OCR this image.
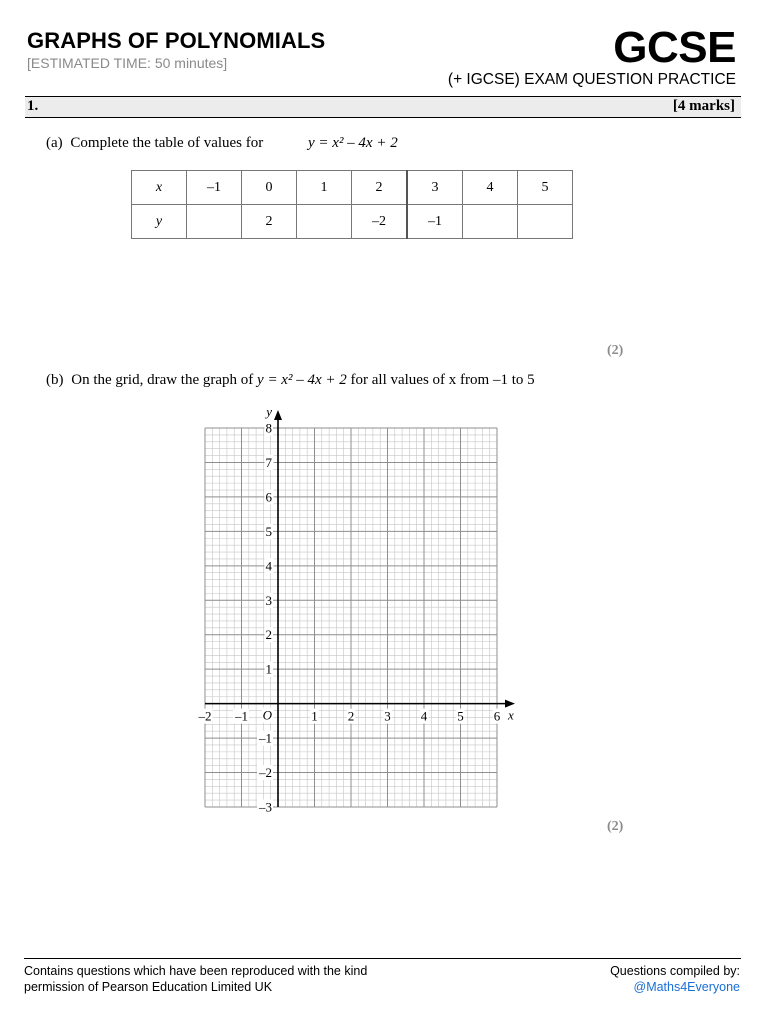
GRAPHS OF POLYNOMIALS
[ESTIMATED TIME: 50 minutes]	GCSE
(+ IGCSE) EXAM QUESTION PRACTICE
1.	[4 marks]
(a) Complete the table of values for	y = x² – 4x + 2
x	–1	0	1	2	3	4	5
y		2		–2	–1		
(2)
(b) On the grid, draw the graph of y = x² – 4x + 2 for all values of x from –1 to 5
–2 –1	1 2 3 4 5 6
–3
–2
–1
1
2
3
4
5
6
7
8
O	x
y
(2)
Contains questions which have been reproduced with the kind
permission of Pearson Education Limited UK
Questions compiled by:
@Maths4Everyone
